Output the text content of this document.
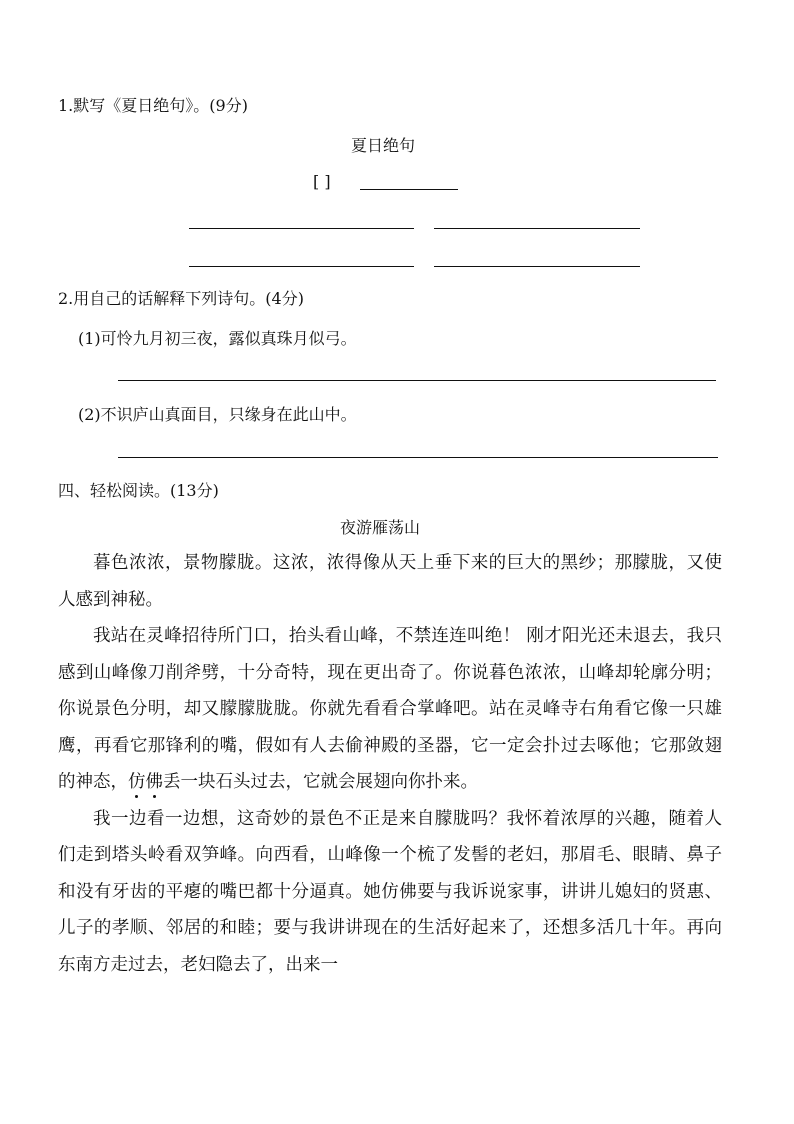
1.默写《夏日绝句》。(9分)
夏日绝句
[ ]
2.用自己的话解释下列诗句。(4分)
(1)可怜九月初三夜，露似真珠月似弓。
(2)不识庐山真面目，只缘身在此山中。
四、轻松阅读。(13分)
夜游雁荡山

暮色浓浓，景物朦胧。这浓，浓得像从天上垂下来的巨大的黑纱；那朦胧，又使人感到神秘。

我站在灵峰招待所门口，抬头看山峰，不禁连连叫绝！ 刚才阳光还未退去，我只感到山峰像刀削斧劈，十分奇特，现在更出奇了。你说暮色浓浓，山峰却轮廓分明；你说景色分明，却又朦朦胧胧。你就先看看合掌峰吧。站在灵峰寺右角看它像一只雄鹰，再看它那锋利的嘴，假如有人去偷神殿的圣器，它一定会扑过去啄他；它那敛翅的神态，仿佛丢一块石头过去，它就会展翅向你扑来。

我一边看一边想，这奇妙的景色不正是来自朦胧吗？我怀着浓厚的兴趣，随着人们走到塔头岭看双笋峰。向西看，山峰像一个梳了发髻的老妇，那眉毛、眼睛、鼻子和没有牙齿的平瘪的嘴巴都十分逼真。她仿佛要与我诉说家事，讲讲儿媳妇的贤惠、儿子的孝顺、邻居的和睦；要与我讲讲现在的生活好起来了，还想多活几十年。再向东南方走过去，老妇隐去了，出来一
